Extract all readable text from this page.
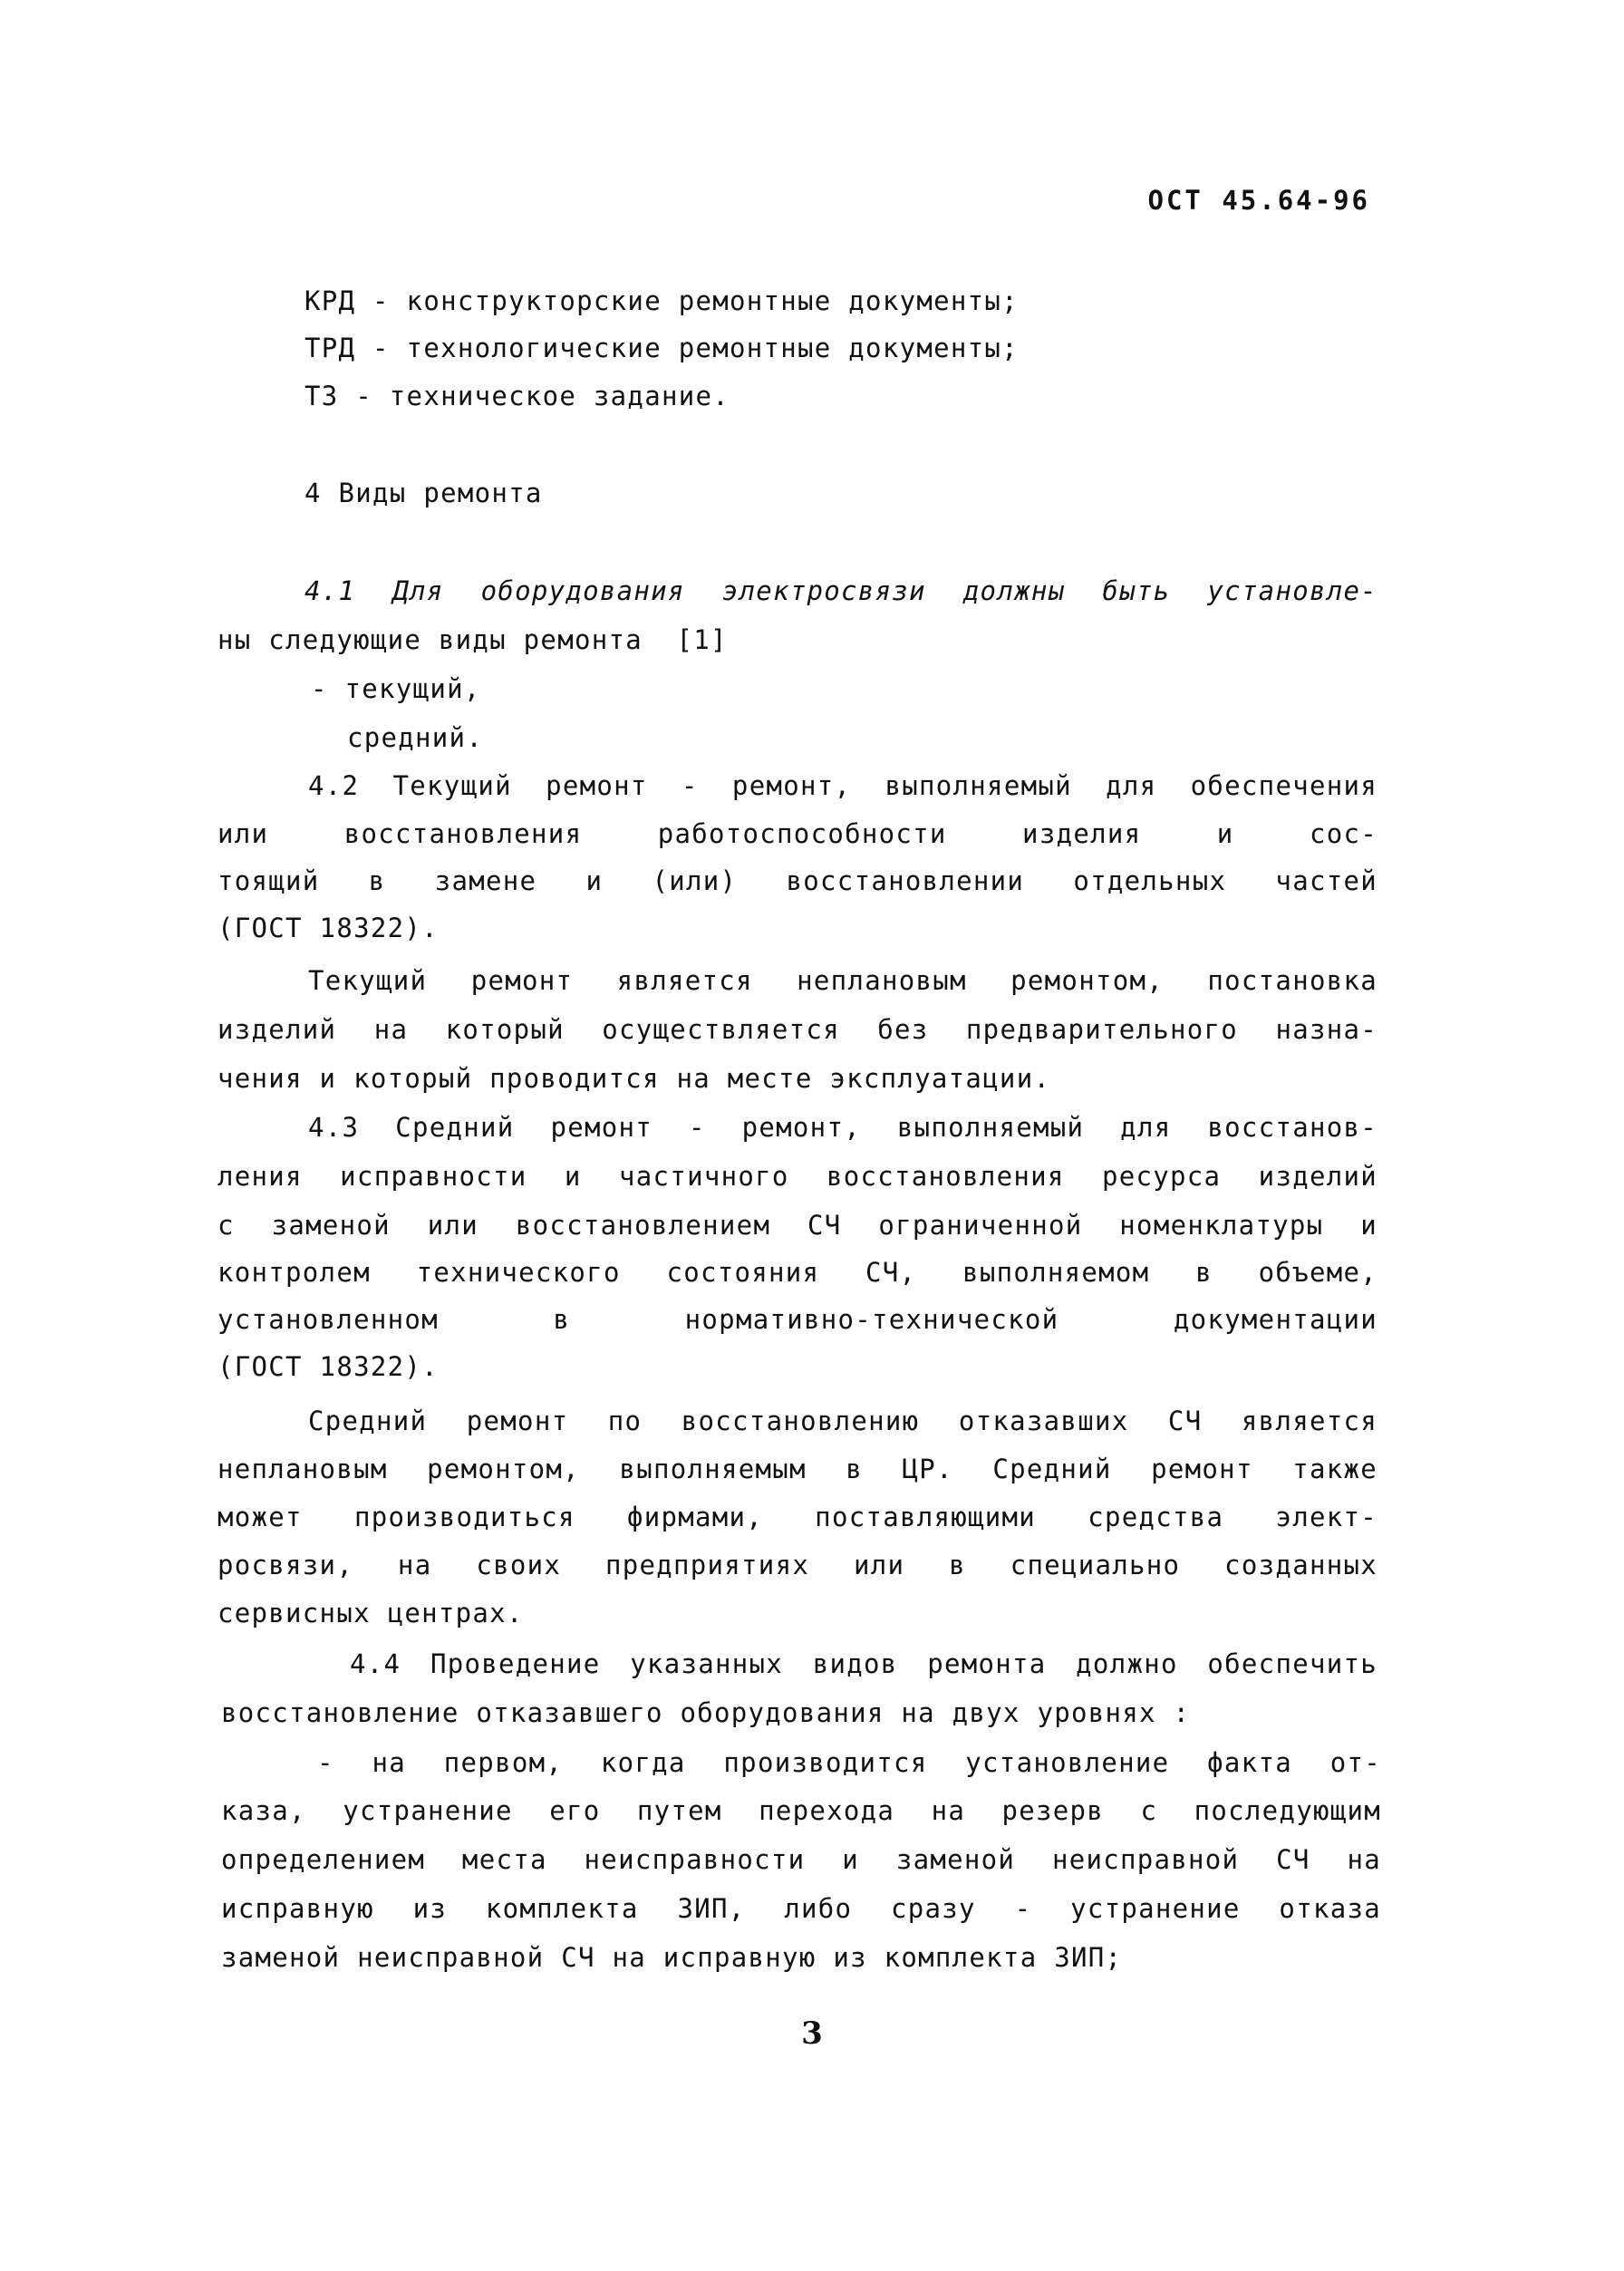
ОСТ 45.64-96
КРД - конструкторские ремонтные документы;
ТРД - технологические ремонтные документы;
ТЗ - техническое задание.
4 Виды ремонта
4.1 Для оборудования электросвязи должны быть установле-
ны следующие виды ремонта  [1]
- текущий,
средний.
4.2 Текущий ремонт - ремонт, выполняемый для обеспечения
или восстановления работоспособности изделия и сос-
тоящий в замене и (или) восстановлении отдельных частей
(ГОСТ 18322).
Текущий ремонт является неплановым ремонтом, постановка
изделий на который осуществляется без предварительного назна-
чения и который проводится на месте эксплуатации.
4.3 Средний ремонт - ремонт, выполняемый для восстанов-
ления исправности и частичного восстановления ресурса изделий
с заменой или восстановлением СЧ ограниченной номенклатуры и
контролем технического состояния СЧ, выполняемом в объеме,
установленном в нормативно-технической документации
(ГОСТ 18322).
Средний ремонт по восстановлению отказавших СЧ является
неплановым ремонтом, выполняемым в ЦР. Средний ремонт также
может производиться фирмами, поставляющими средства элект-
росвязи, на своих предприятиях или в специально созданных
сервисных центрах.
4.4 Проведение указанных видов ремонта должно обеспечить
восстановление отказавшего оборудования на двух уровнях :
- на первом, когда производится установление факта от-
каза, устранение его путем перехода на резерв с последующим
определением места неисправности и заменой неисправной СЧ на
исправную из комплекта ЗИП, либо сразу - устранение отказа
заменой неисправной СЧ на исправную из комплекта ЗИП;
3
